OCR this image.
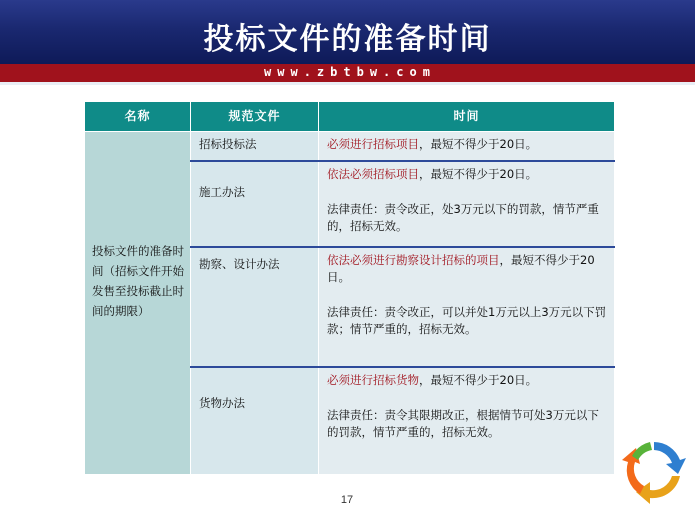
投标文件的准备时间
www.zbtbw.com
名称	规范文件	时间

投标文件的准备时间（招标文件开始发售至投标截止时间的期限）	招标投标法	必须进行招标项目，最短不得少于20日。

	施工办法	依法必须招标项目，最短不得少于20日。

法律责任：责令改正，处3万元以下的罚款，情节严重的，招标无效。

	勘察、设计办法	依法必须进行勘察设计招标的项目，最短不得少于20日。

法律责任：责令改正，可以并处1万元以上3万元以下罚款；情节严重的，招标无效。

	货物办法	必须进行招标货物，最短不得少于20日。

法律责任：责令其限期改正，根据情节可处3万元以下的罚款，情节严重的，招标无效。

17
